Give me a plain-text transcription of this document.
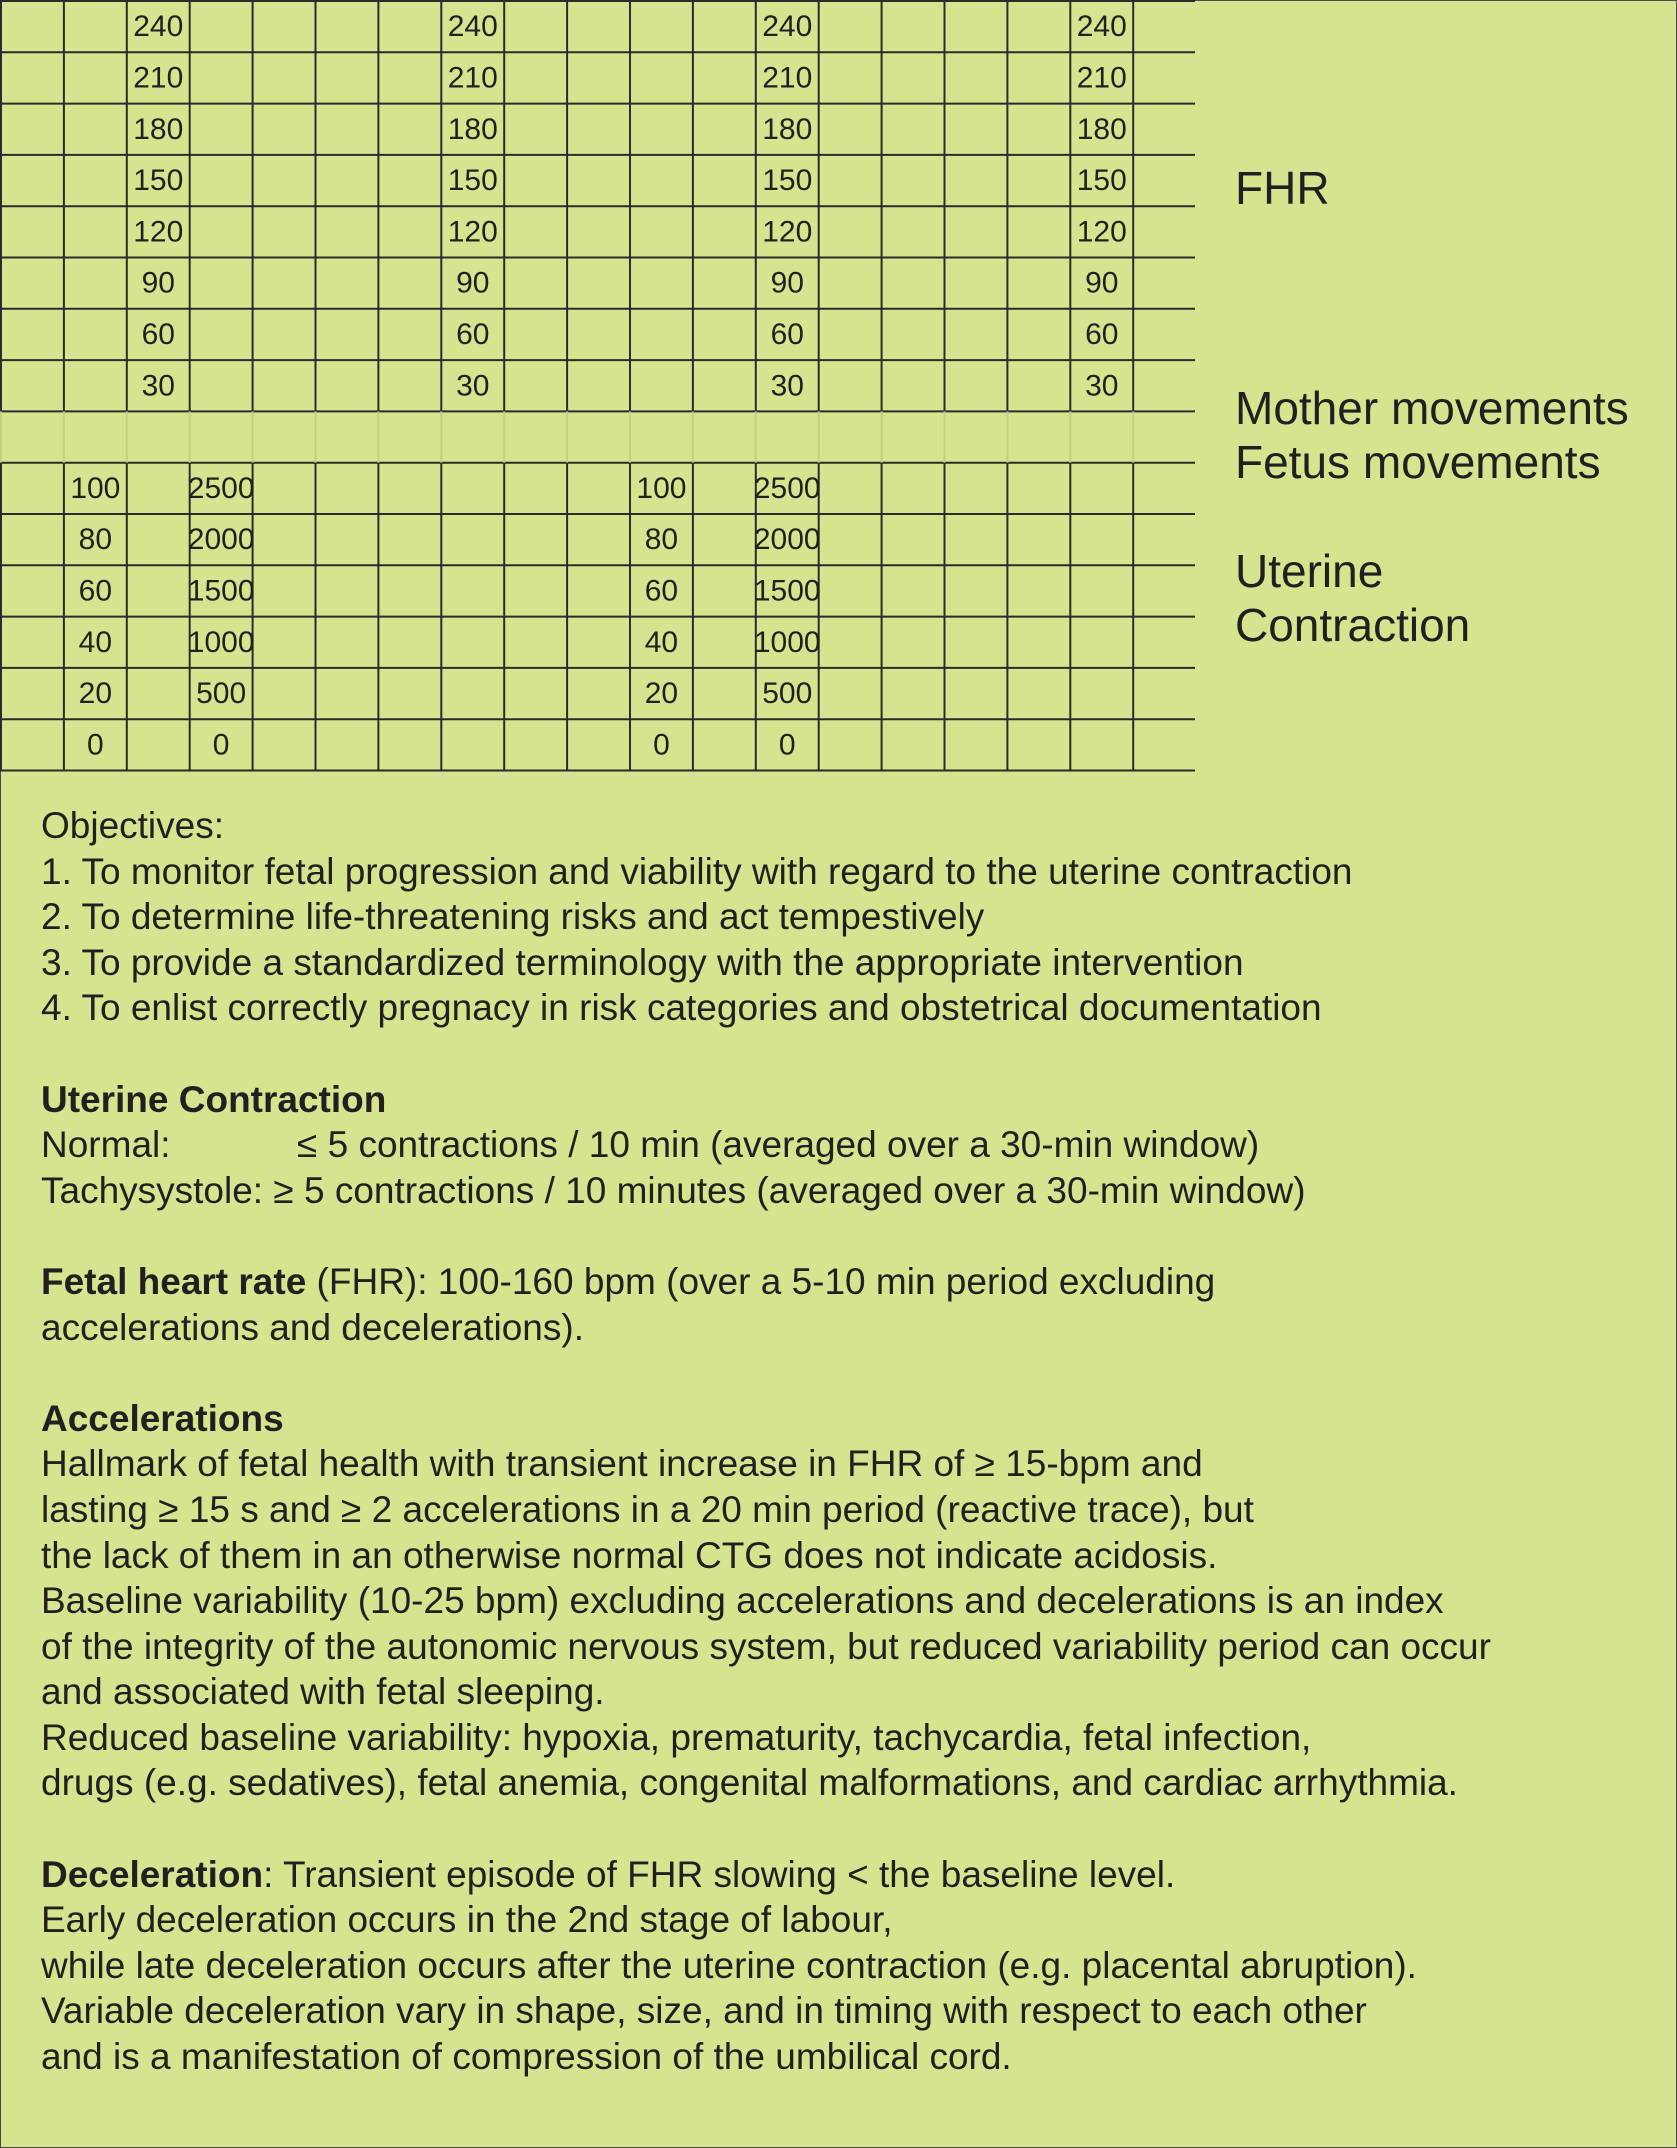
240
210
180
150
120
90
60
30
240
210
180
150
120
90
60
30
240
210
180
150
120
90
60
30
240
210
180
150
120
90
60
30
100
80
60
40
20
0
100
80
60
40
20
0
2500
2000
1500
1000
500
0
2500
2000
1500
1000
500
0
FHR
Mother movements
Fetus movements
Uterine
Contraction

Objectives:

1. To monitor fetal progression and viability with regard to the uterine contraction

2. To determine life-threatening risks and act tempestively

3. To provide a standardized terminology with the appropriate intervention

4. To enlist correctly pregnacy in risk categories and obstetrical documentation

Uterine Contraction

Normal:	≤ 5 contractions / 10 min (averaged over a 30-min window)

Tachysystole: ≥ 5 contractions / 10 minutes (averaged over a 30-min window)

Fetal heart rate (FHR): 100-160 bpm (over a 5-10 min period excluding

accelerations and decelerations).

Accelerations

Hallmark of fetal health with transient increase in FHR of ≥ 15-bpm and

lasting ≥ 15 s and ≥ 2 accelerations in a 20 min period (reactive trace), but

the lack of them in an otherwise normal CTG does not indicate acidosis.

Baseline variability (10-25 bpm) excluding accelerations and decelerations is an index

of the integrity of the autonomic nervous system, but reduced variability period can occur

and associated with fetal sleeping.

Reduced baseline variability: hypoxia, prematurity, tachycardia, fetal infection,

drugs (e.g. sedatives), fetal anemia, congenital malformations, and cardiac arrhythmia.

Deceleration: Transient episode of FHR slowing < the baseline level.

Early deceleration occurs in the 2nd stage of labour,

while late deceleration occurs after the uterine contraction (e.g. placental abruption).

Variable deceleration vary in shape, size, and in timing with respect to each other

and is a manifestation of compression of the umbilical cord.
